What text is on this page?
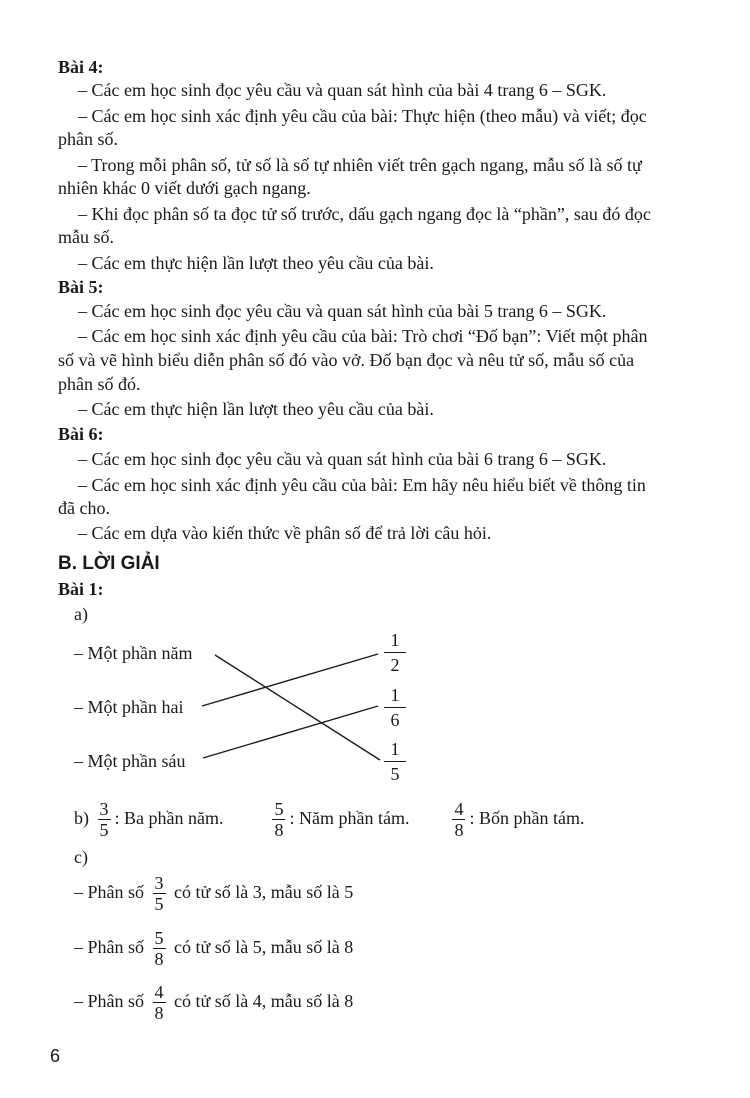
Bài 4:
– Các em học sinh đọc yêu cầu và quan sát hình của bài 4 trang 6 – SGK.
– Các em học sinh xác định yêu cầu của bài: Thực hiện (theo mẫu) và viết; đọc
phân số.
– Trong mỗi phân số, tử số là số tự nhiên viết trên gạch ngang, mẫu số là số tự
nhiên khác 0 viết dưới gạch ngang.
– Khi đọc phân số ta đọc tử số trước, dấu gạch ngang đọc là “phần”, sau đó đọc
mẫu số.
– Các em thực hiện lần lượt theo yêu cầu của bài.
Bài 5:
– Các em học sinh đọc yêu cầu và quan sát hình của bài 5 trang 6 – SGK.
– Các em học sinh xác định yêu cầu của bài: Trò chơi “Đố bạn”: Viết một phân
số và vẽ hình biểu diễn phân số đó vào vở. Đố bạn đọc và nêu tử số, mẫu số của
phân số đó.
– Các em thực hiện lần lượt theo yêu cầu của bài.
Bài 6:
– Các em học sinh đọc yêu cầu và quan sát hình của bài 6 trang 6 – SGK.
– Các em học sinh xác định yêu cầu của bài: Em hãy nêu hiểu biết về thông tin
đã cho.
– Các em dựa vào kiến thức về phân số để trả lời câu hỏi.
B. LỜI GIẢI
Bài 1:
a)
– Một phần năm
– Một phần hai
– Một phần sáu
$\frac{1}{2}$
$\frac{1}{6}$
$\frac{1}{5}$
$b) \frac{3}{5}$ : Ba phần năm.	$\frac{5}{8}$ : Năm phần tám. $\frac{4}{8}$ : Bốn phần tám.
c)
– Phân số $\frac{3}{5}$ có tử số là 3, mẫu số là 5
– Phân số $\frac{5}{8}$ có tử số là 5, mẫu số là 8
– Phân số $\frac{4}{8}$ có tử số là 4, mẫu số là 8
6
